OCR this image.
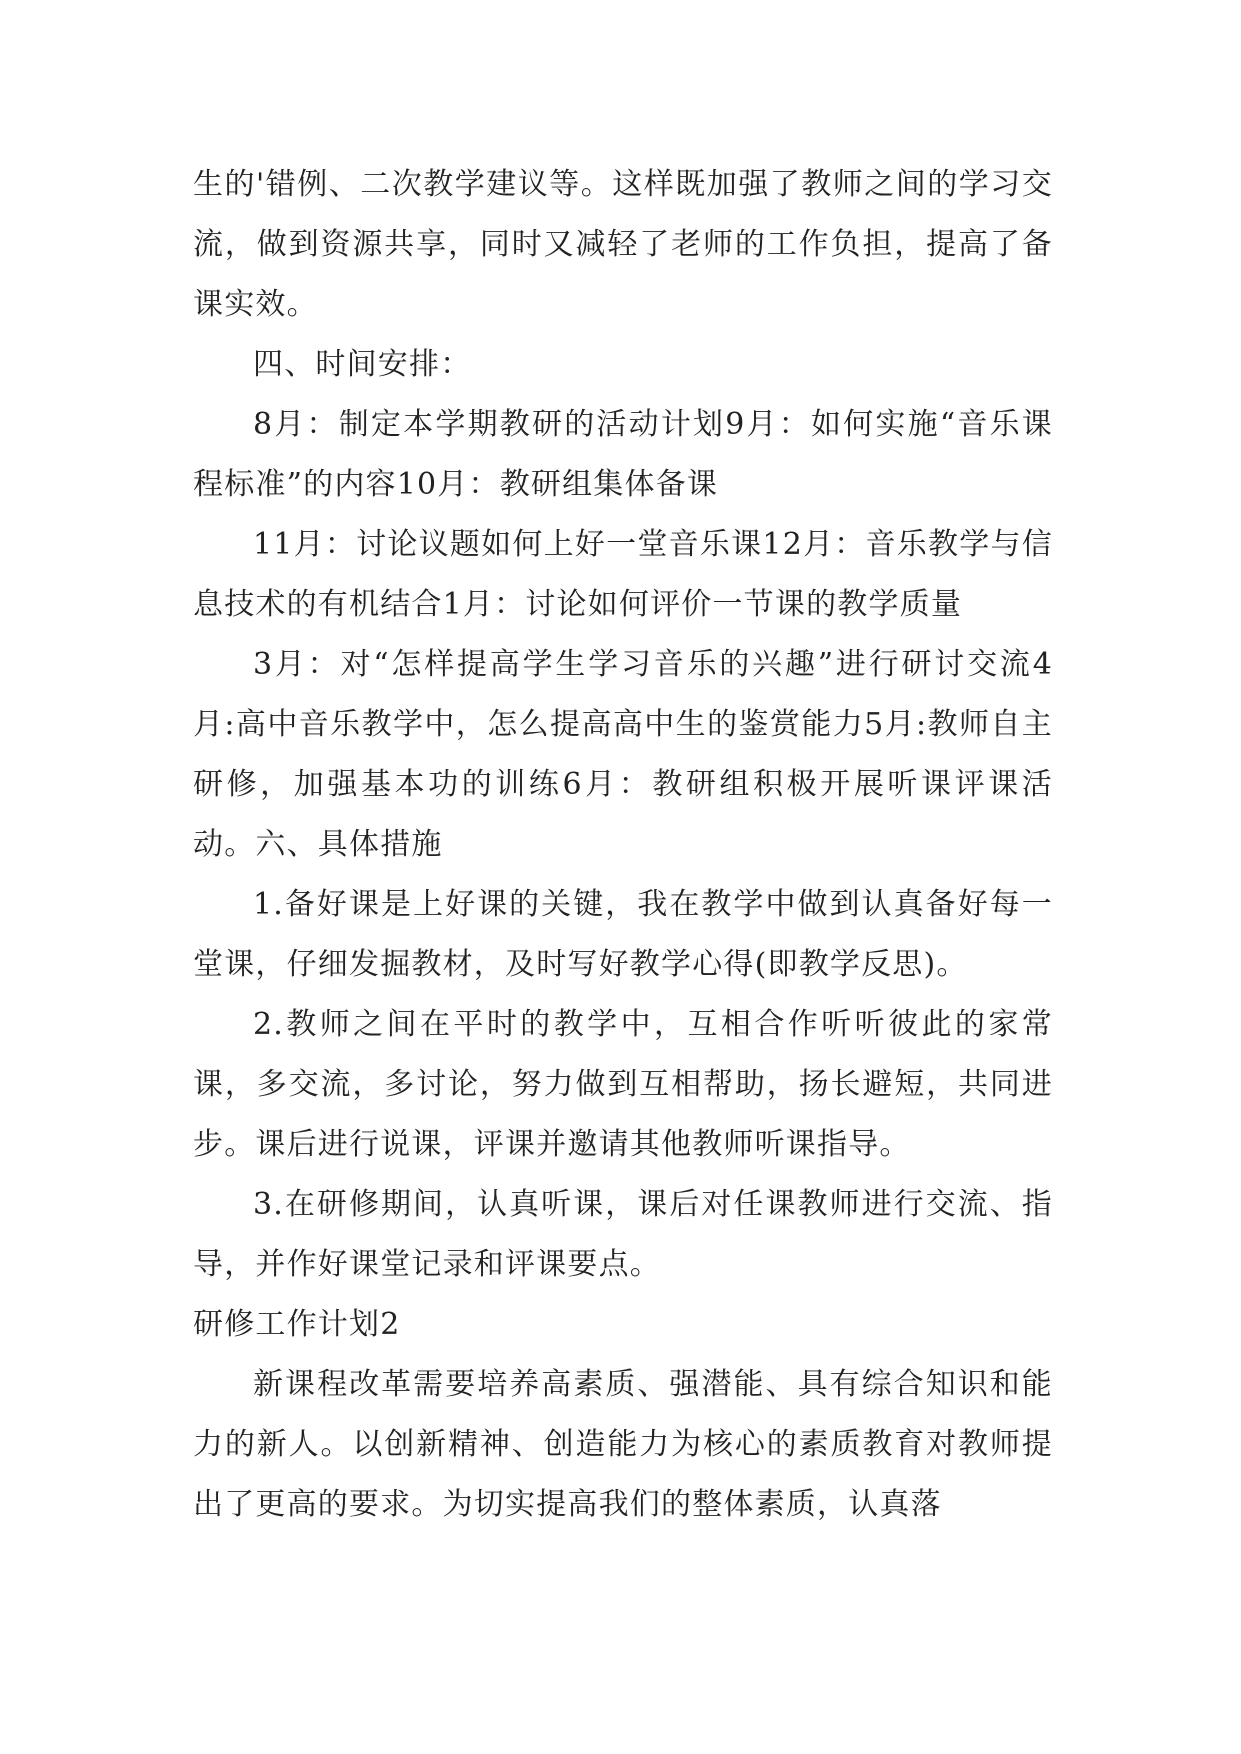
生的'错例、二次教学建议等。这样既加强了教师之间的学习交流，做到资源共享，同时又减轻了老师的工作负担，提高了备课实效。

四、时间安排：

8月：制定本学期教研的活动计划9月：如何实施“音乐课程标准”的内容10月：教研组集体备课

11月：讨论议题如何上好一堂音乐课12月：音乐教学与信息技术的有机结合1月：讨论如何评价一节课的教学质量

3月：对“怎样提高学生学习音乐的兴趣”进行研讨交流4月:高中音乐教学中，怎么提高高中生的鉴赏能力5月:教师自主研修，加强基本功的训练6月：教研组积极开展听课评课活动。六、具体措施

1.备好课是上好课的关键，我在教学中做到认真备好每一堂课，仔细发掘教材，及时写好教学心得(即教学反思)。

2.教师之间在平时的教学中，互相合作听听彼此的家常课，多交流，多讨论，努力做到互相帮助，扬长避短，共同进步。课后进行说课，评课并邀请其他教师听课指导。

3.在研修期间，认真听课，课后对任课教师进行交流、指导，并作好课堂记录和评课要点。

研修工作计划2

新课程改革需要培养高素质、强潜能、具有综合知识和能力的新人。以创新精神、创造能力为核心的素质教育对教师提出了更高的要求。为切实提高我们的整体素质，认真落
